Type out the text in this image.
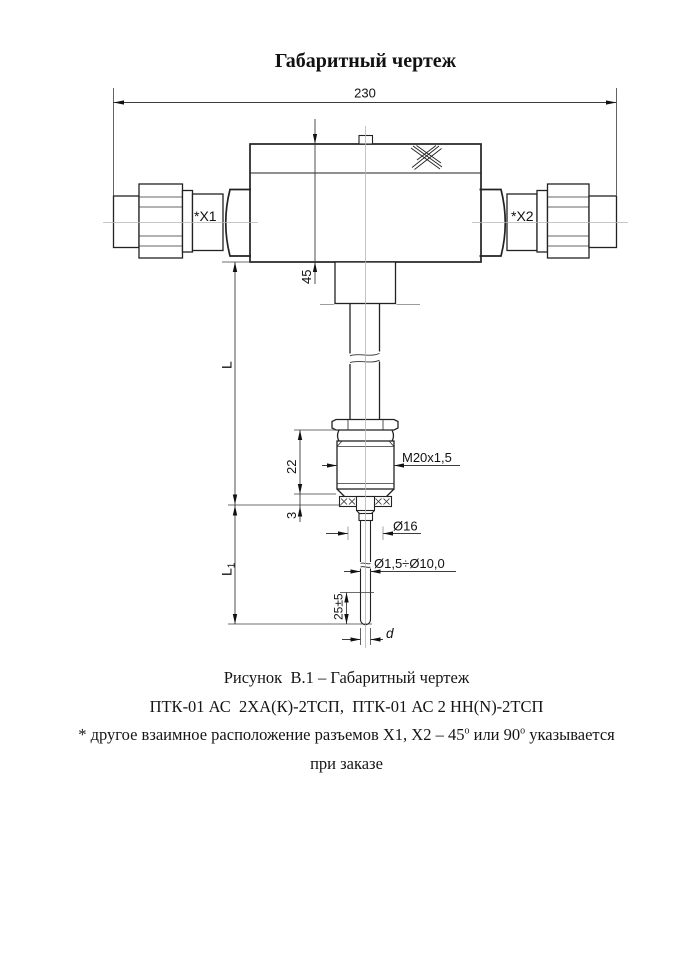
Габаритный чертеж
*X1	*X2
230
45
L
$L_1$
22
3
M20x1,5
Ø16
Ø1,5÷Ø10,0
25±5
d
Рисунок  В.1 – Габаритный чертеж
ПТК-01 АС  2ХА(К)-2ТСП,  ПТК-01 АС 2 НН(N)-2ТСП
* другое взаимное расположение разъемов Х1, $Х2 - 45^о$ или $90^о$ указывается
при заказе
